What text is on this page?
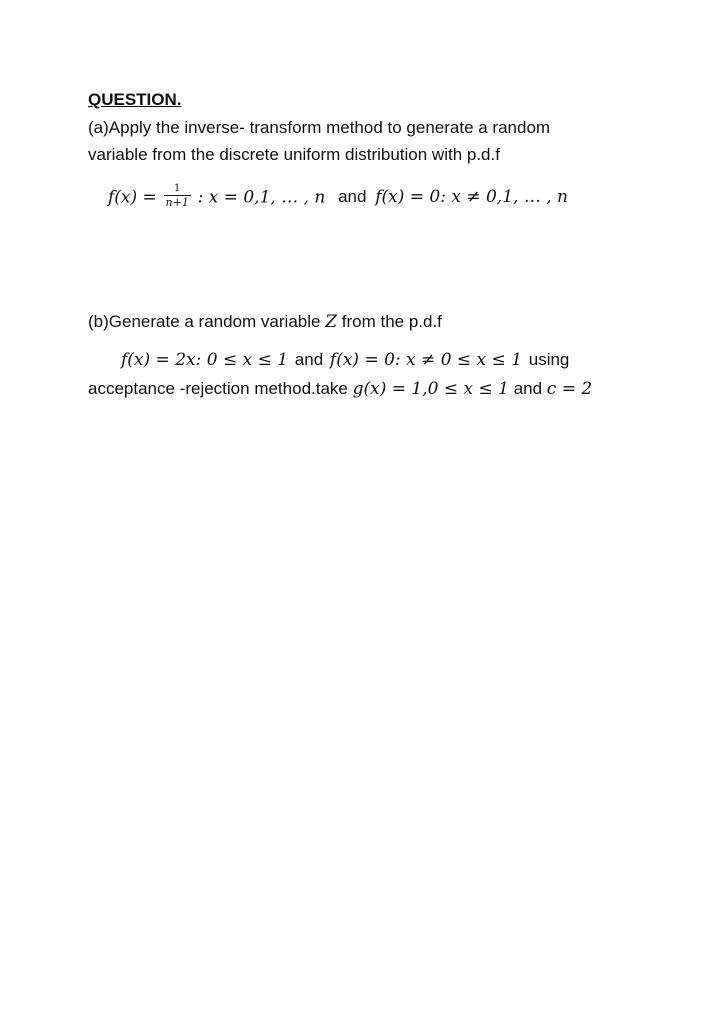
QUESTION.
(a)Apply the inverse- transform method to generate a random
variable from the discrete uniform distribution with p.d.f
$f(x) = \frac{1}{n+1}$ : x = 0,1, … , n and f(x) = 0: x ≠ 0,1, … , n
(b)Generate a random variable Z from the p.d.f
f(x) = 2x: 0 ≤ x ≤ 1 and f(x) = 0: x ≠ 0 ≤ x ≤ 1 using
acceptance -rejection method.take g(x) = 1,0 ≤ x ≤ 1 and c = 2
